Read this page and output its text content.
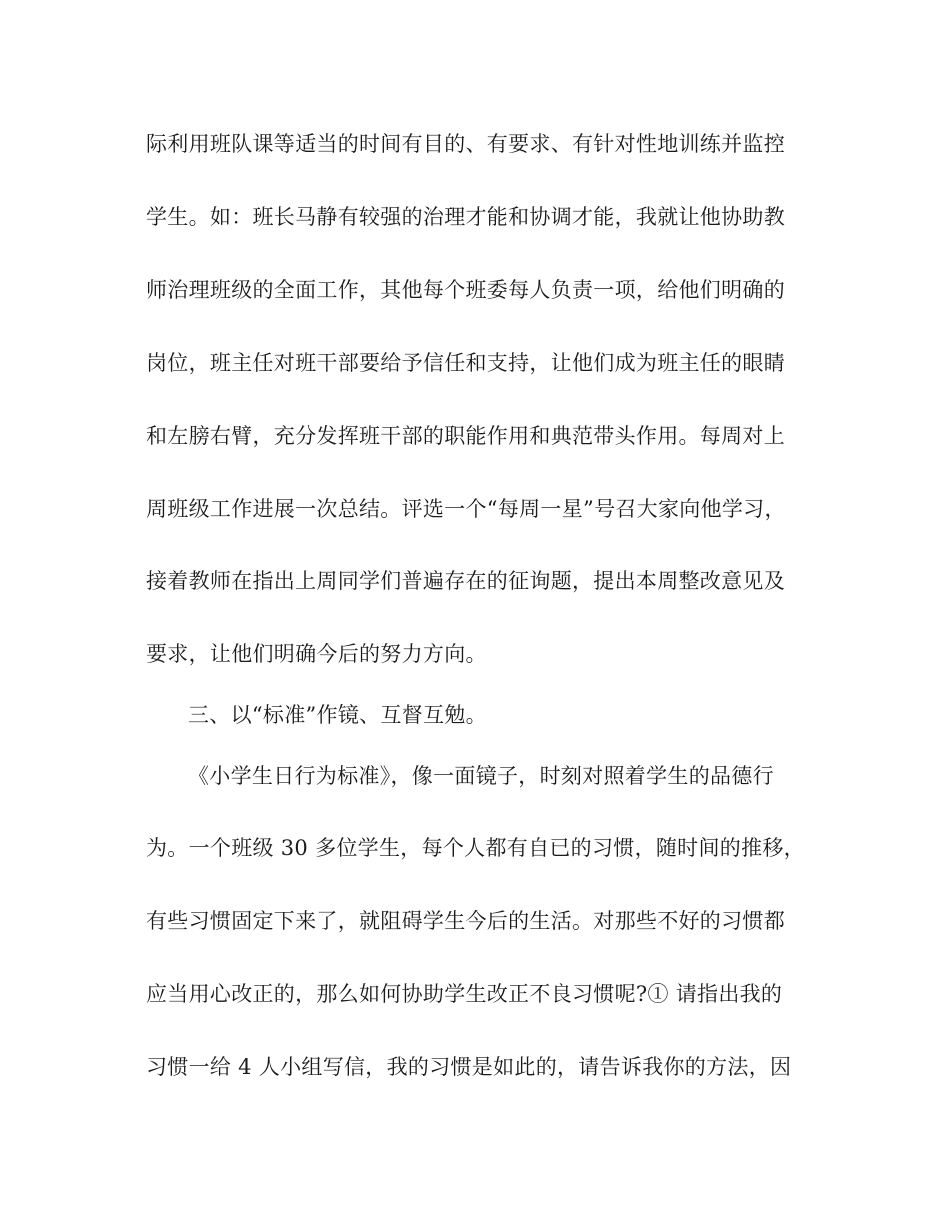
际利用班队课等适当的时间有目的、有要求、有针对性地训练并监控
学生。如：班长马静有较强的治理才能和协调才能，我就让他协助教
师治理班级的全面工作，其他每个班委每人负责一项，给他们明确的
岗位，班主任对班干部要给予信任和支持，让他们成为班主任的眼睛
和左膀右臂，充分发挥班干部的职能作用和典范带头作用。每周对上
周班级工作进展一次总结。评选一个“每周一星”号召大家向他学习，
接着教师在指出上周同学们普遍存在的征询题，提出本周整改意见及
要求，让他们明确今后的努力方向。
三、以“标准”作镜、互督互勉。
《小学生日行为标准》，像一面镜子，时刻对照着学生的品德行
为。一个班级 30 多位学生，每个人都有自已的习惯，随时间的推移，
有些习惯固定下来了，就阻碍学生今后的生活。对那些不好的习惯都
应当用心改正的，那么如何协助学生改正不良习惯呢?① 请指出我的
习惯一给 4 人小组写信，我的习惯是如此的，请告诉我你的方法，因
